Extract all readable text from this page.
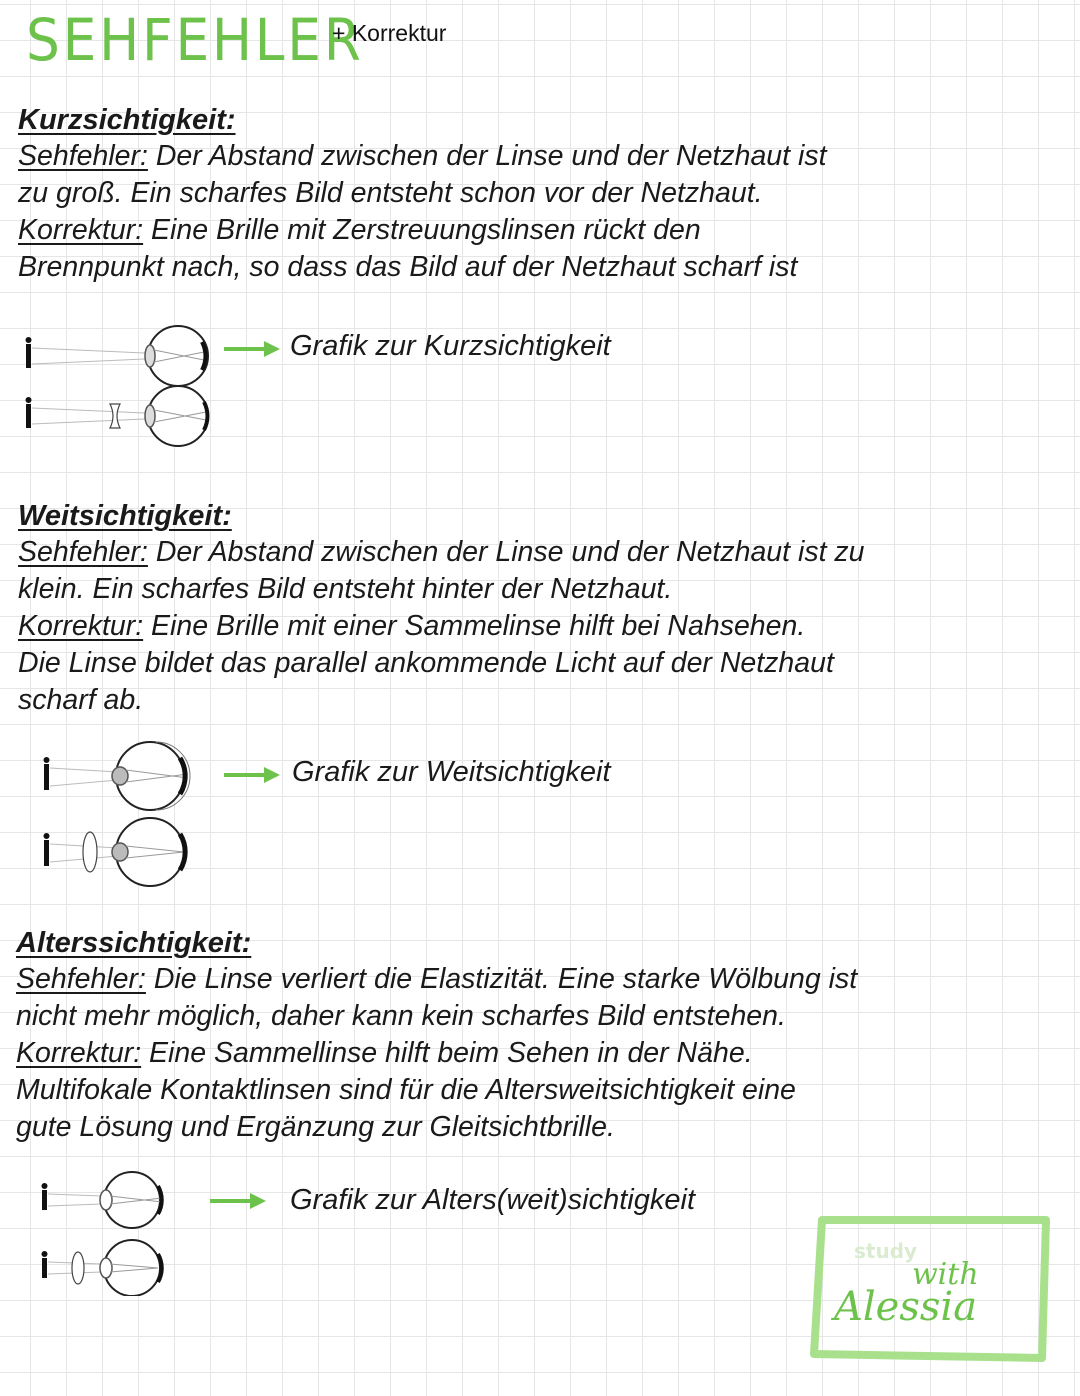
SEHFEHLER
+ Korrektur

Kurzsichtigkeit:

Sehfehler: Der Abstand zwischen der Linse und der Netzhaut ist

zu groß. Ein scharfes Bild entsteht schon vor der Netzhaut.

Korrektur: Eine Brille mit Zerstreuungslinsen rückt den

Brennpunkt nach, so dass das Bild auf der Netzhaut scharf ist

Grafik zur Kurzsichtigkeit

Weitsichtigkeit:

Sehfehler: Der Abstand zwischen der Linse und der Netzhaut ist zu

klein. Ein scharfes Bild entsteht hinter der Netzhaut.

Korrektur: Eine Brille mit einer Sammelinse hilft bei Nahsehen.

Die Linse bildet das parallel ankommende Licht auf der Netzhaut

scharf ab.

Grafik zur Weitsichtigkeit

Alterssichtigkeit:

Sehfehler: Die Linse verliert die Elastizität. Eine starke Wölbung ist

nicht mehr möglich, daher kann kein scharfes Bild entstehen.

Korrektur: Eine Sammellinse hilft beim Sehen in der Nähe.

Multifokale Kontaktlinsen sind für die Altersweitsichtigkeit eine

gute Lösung und Ergänzung zur Gleitsichtbrille.

Grafik zur Alters(weit)sichtigkeit
study
with
Alessia
